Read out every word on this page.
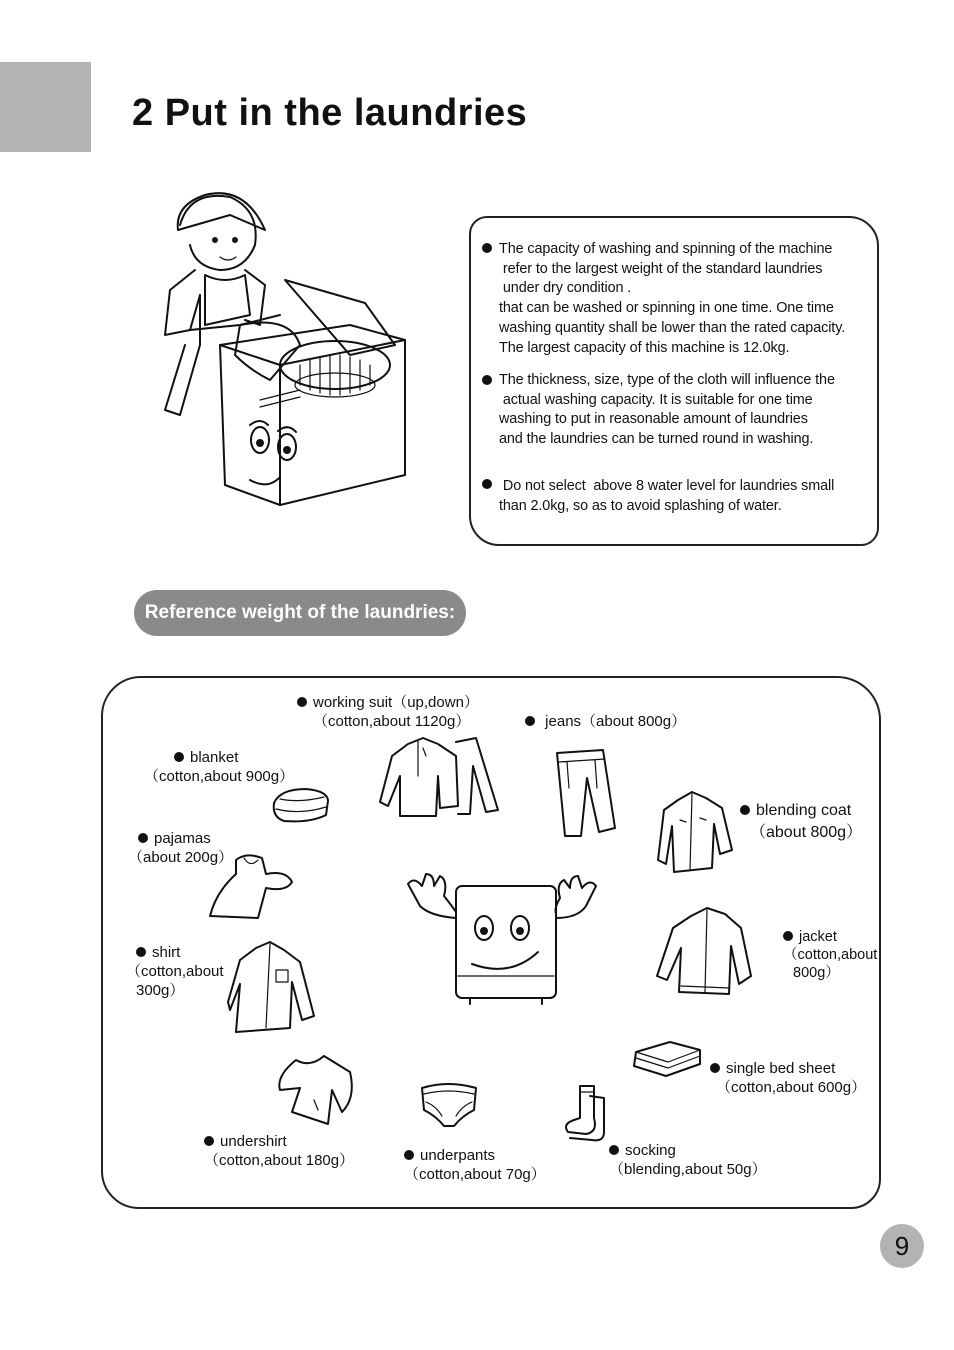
2 Put in the laundries
The capacity of washing and spinning of the machine
refer to the largest weight of the standard laundries
under dry condition .
that can be washed or spinning in one time. One time
washing quantity shall be lower than the rated capacity.
The largest capacity of this machine is 12.0kg.
The thickness, size, type of the cloth will influence the
actual washing capacity. It is suitable for one time
washing to put in reasonable amount of laundries
and the laundries can be turned round in washing.
Do not select  above 8 water level for laundries small
than 2.0kg, so as to avoid splashing of water.
Reference weight of the laundries:
working suit（up,down）
（cotton,about 1120g）	jeans（about 800g）
blanket
（cotton,about 900g）
blending coat
（about 800g）
pajamas
（about 200g）
shirt
（cotton,about
300g）
jacket
（cotton,about
800g）
single bed sheet
（cotton,about 600g）
undershirt
（cotton,about 180g）	underpants
（cotton,about 70g）
socking
（blending,about 50g）
9
